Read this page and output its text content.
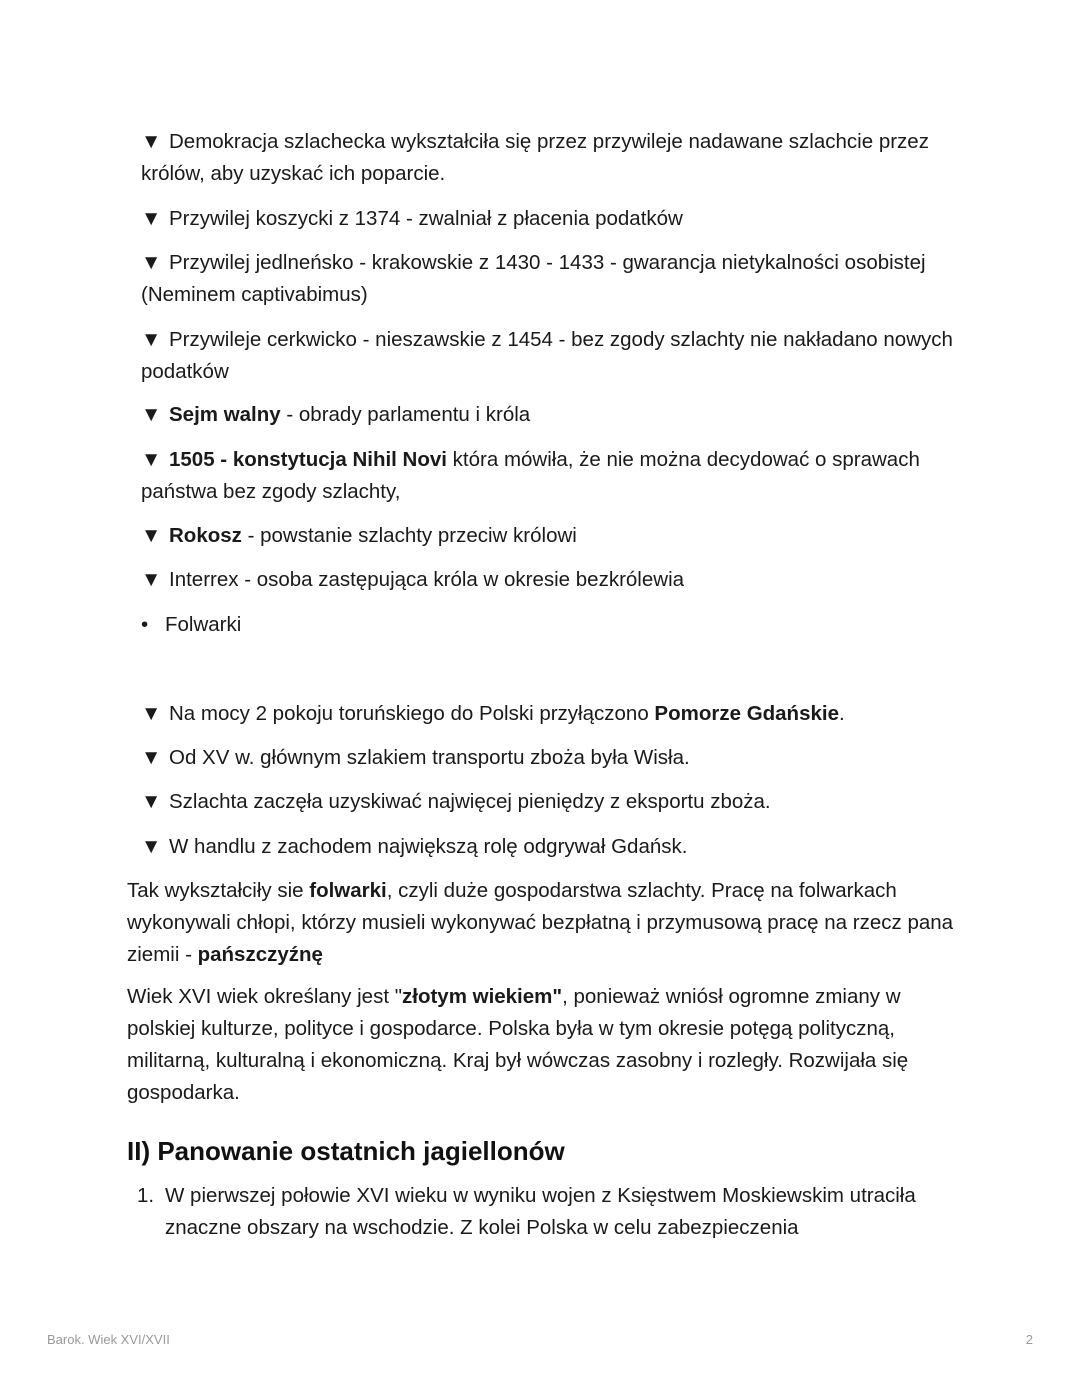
▼ Demokracja szlachecka wykształciła się przez przywileje nadawane szlachcie przez królów, aby uzyskać ich poparcie.

▼ Przywilej koszycki z 1374 - zwalniał z płacenia podatków

▼ Przywilej jedlneńsko - krakowskie z 1430 - 1433 - gwarancja nietykalności osobistej (Neminem captivabimus)

▼ Przywileje cerkwicko - nieszawskie z 1454 - bez zgody szlachty nie nakładano nowych podatków

▼ Sejm walny - obrady parlamentu i króla

▼ 1505 - konstytucja Nihil Novi która mówiła, że nie można decydować o sprawach państwa bez zgody szlachty,

▼ Rokosz - powstanie szlachty przeciw królowi

▼ Interrex - osoba zastępująca króla w okresie bezkrólewia

• Folwarki

▼ Na mocy 2 pokoju toruńskiego do Polski przyłączono Pomorze Gdańskie.

▼ Od XV w. głównym szlakiem transportu zboża była Wisła.

▼ Szlachta zaczęła uzyskiwać najwięcej pieniędzy z eksportu zboża.

▼ W handlu z zachodem największą rolę odgrywał Gdańsk.

Tak wykształciły sie folwarki, czyli duże gospodarstwa szlachty. Pracę na folwarkach wykonywali chłopi, którzy musieli wykonywać bezpłatną i przymusową pracę na rzecz pana ziemii - pańszczyźnę

Wiek XVI wiek określany jest "złotym wiekiem", ponieważ wniósł ogromne zmiany w polskiej kulturze, polityce i gospodarce. Polska była w tym okresie potęgą polityczną, militarną, kulturalną i ekonomiczną. Kraj był wówczas zasobny i rozległy. Rozwijała się gospodarka.

II) Panowanie ostatnich jagiellonów

1. W pierwszej połowie XVI wieku w wyniku wojen z Księstwem Moskiewskim utraciła znaczne obszary na wschodzie. Z kolei Polska w celu zabezpieczenia

Barok. Wiek XVI/XVII	2
